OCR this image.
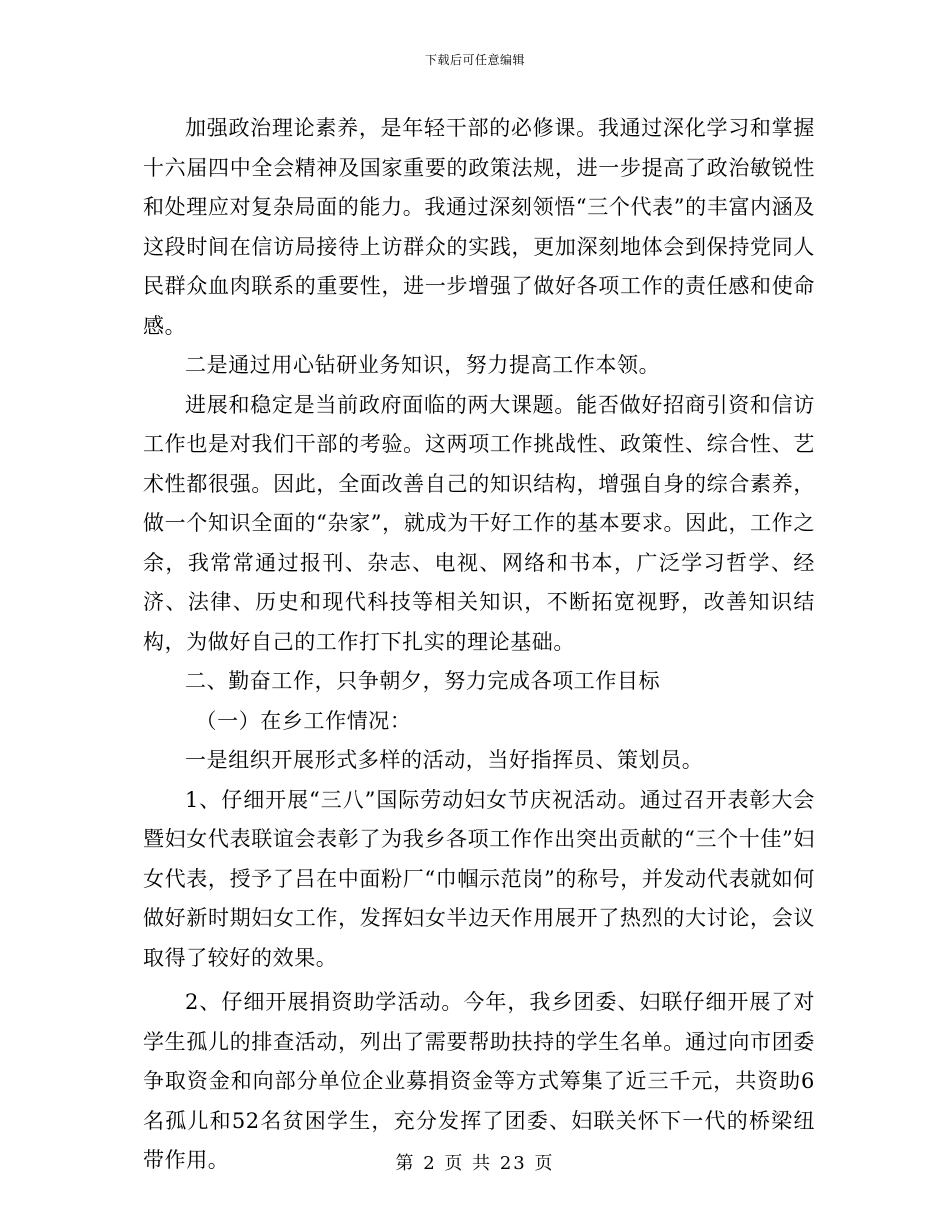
下载后可任意编辑

加强政治理论素养，是年轻干部的必修课。我通过深化学习和掌握十六届四中全会精神及国家重要的政策法规，进一步提高了政治敏锐性和处理应对复杂局面的能力。我通过深刻领悟“三个代表”的丰富内涵及这段时间在信访局接待上访群众的实践，更加深刻地体会到保持党同人民群众血肉联系的重要性，进一步增强了做好各项工作的责任感和使命感。

二是通过用心钻研业务知识，努力提高工作本领。

进展和稳定是当前政府面临的两大课题。能否做好招商引资和信访工作也是对我们干部的考验。这两项工作挑战性、政策性、综合性、艺术性都很强。因此，全面改善自己的知识结构，增强自身的综合素养，做一个知识全面的“杂家”，就成为干好工作的基本要求。因此，工作之余，我常常通过报刊、杂志、电视、网络和书本，广泛学习哲学、经济、法律、历史和现代科技等相关知识，不断拓宽视野，改善知识结构，为做好自己的工作打下扎实的理论基础。

二、勤奋工作，只争朝夕，努力完成各项工作目标

（一）在乡工作情况：

一是组织开展形式多样的活动，当好指挥员、策划员。

1、仔细开展“三八”国际劳动妇女节庆祝活动。通过召开表彰大会暨妇女代表联谊会表彰了为我乡各项工作作出突出贡献的“三个十佳”妇女代表，授予了吕在中面粉厂“巾帼示范岗”的称号，并发动代表就如何做好新时期妇女工作，发挥妇女半边天作用展开了热烈的大讨论，会议取得了较好的效果。

2、仔细开展捐资助学活动。今年，我乡团委、妇联仔细开展了对学生孤儿的排查活动，列出了需要帮助扶持的学生名单。通过向市团委争取资金和向部分单位企业募捐资金等方式筹集了近三千元，共资助6名孤儿和52名贫困学生，充分发挥了团委、妇联关怀下一代的桥梁纽带作用。	第 2 页 共 23 页
